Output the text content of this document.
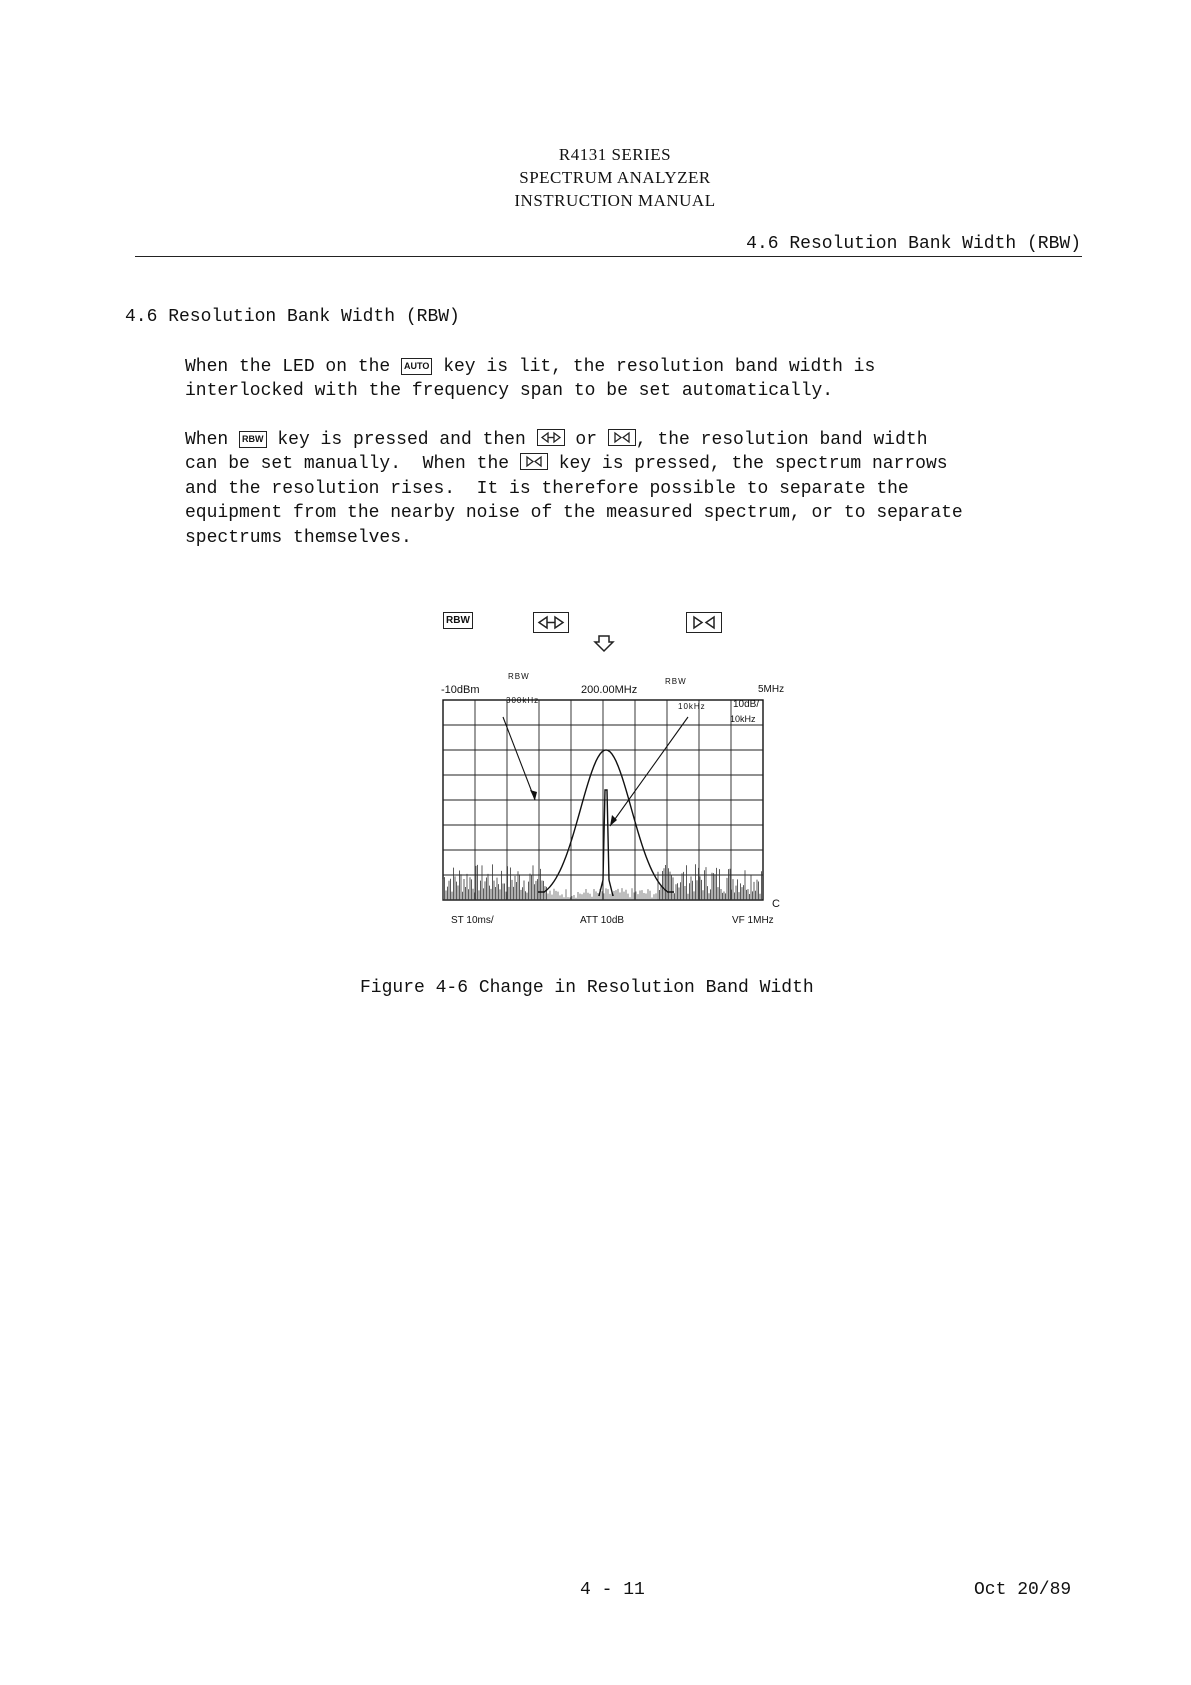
R4131 SERIES
SPECTRUM ANALYZER
INSTRUCTION MANUAL
4.6 Resolution Bank Width (RBW)
4.6 Resolution Bank Width (RBW)
When the LED on the AUTO key is lit, the resolution band width is
interlocked with the frequency span to be set automatically.
When RBW key is pressed and then	or , the resolution band width
can be set manually.  When the	key is pressed, the spectrum narrows
and the resolution rises.  It is therefore possible to separate the
equipment from the nearby noise of the measured spectrum, or to separate
spectrums themselves.
RBW

-10dBm
RBW
300kHz
200.00MHz
RBW
10kHz
5MHz
10dB/
10kHz
C
ST 10ms/	ATT 10dB	VF 1MHz
Figure 4-6 Change in Resolution Band Width
4 - 11	Oct 20/89
